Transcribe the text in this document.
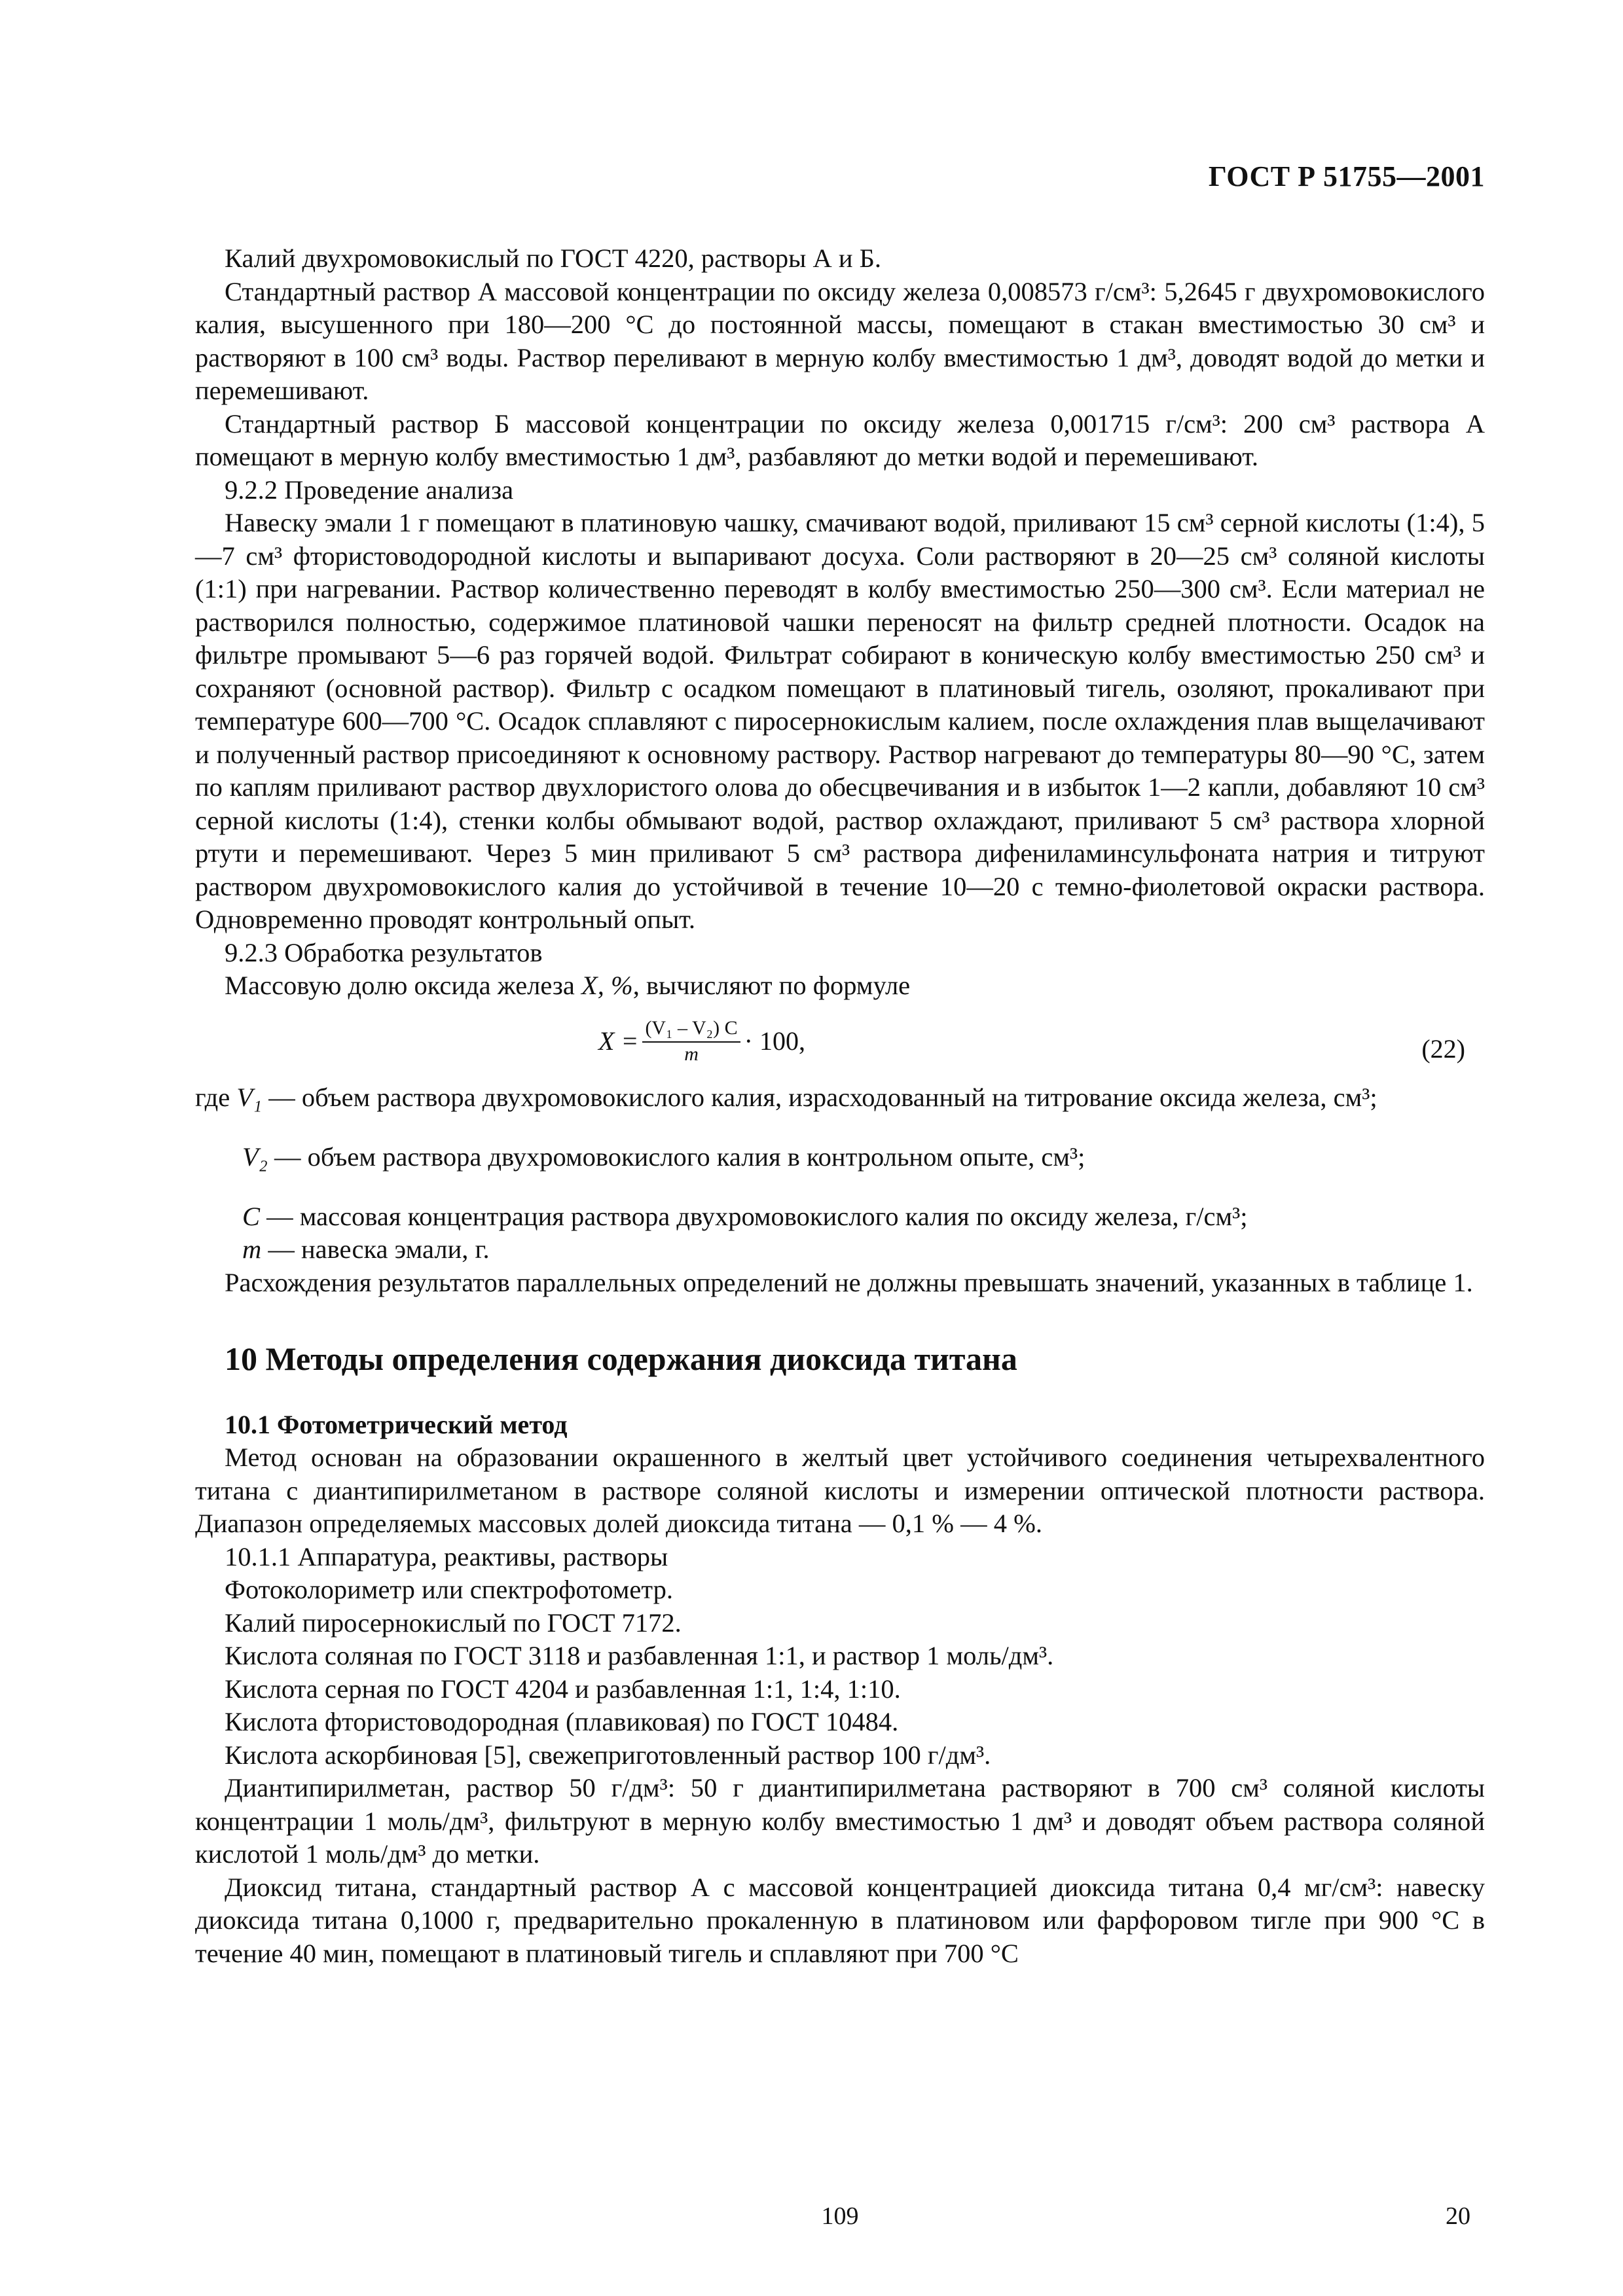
ГОСТ Р 51755—2001

Калий двухромовокислый по ГОСТ 4220, растворы А и Б.

Стандартный раствор А массовой концентрации по оксиду железа 0,008573 г/см³: 5,2645 г двухромовокислого калия, высушенного при 180—200 °С до постоянной массы, помещают в стакан вместимостью 30 см³ и растворяют в 100 см³ воды. Раствор переливают в мерную колбу вместимостью 1 дм³, доводят водой до метки и перемешивают.

Стандартный раствор Б массовой концентрации по оксиду железа 0,001715 г/см³: 200 см³ раствора А помещают в мерную колбу вместимостью 1 дм³, разбавляют до метки водой и перемешивают.

9.2.2 Проведение анализа

Навеску эмали 1 г помещают в платиновую чашку, смачивают водой, приливают 15 см³ серной кислоты (1:4), 5—7 см³ фтористоводородной кислоты и выпаривают досуха. Соли растворяют в 20—25 см³ соляной кислоты (1:1) при нагревании. Раствор количественно переводят в колбу вместимостью 250—300 см³. Если материал не растворился полностью, содержимое платиновой чашки переносят на фильтр средней плотности. Осадок на фильтре промывают 5—6 раз горячей водой. Фильтрат собирают в коническую колбу вместимостью 250 см³ и сохраняют (основной раствор). Фильтр с осадком помещают в платиновый тигель, озоляют, прокаливают при температуре 600—700 °С. Осадок сплавляют с пиросернокислым калием, после охлаждения плав выщелачивают и полученный раствор присоединяют к основному раствору. Раствор нагревают до температуры 80—90 °С, затем по каплям приливают раствор двухлористого олова до обесцвечивания и в избыток 1—2 капли, добавляют 10 см³ серной кислоты (1:4), стенки колбы обмывают водой, раствор охлаждают, приливают 5 см³ раствора хлорной ртути и перемешивают. Через 5 мин приливают 5 см³ раствора дифениламинсульфоната натрия и титруют раствором двухромовокислого калия до устойчивой в течение 10—20 с темно-фиолетовой окраски раствора. Одновременно проводят контрольный опыт.

9.2.3 Обработка результатов

Массовую долю оксида железа X, %, вычисляют по формуле

$X = \frac{\text{(V₁ – V₂) C}}{m} \cdot 100$,	(22)

где V₁ — объем раствора двухромовокислого калия, израсходованный на титрование оксида железа, см³;

V₂ — объем раствора двухромовокислого калия в контрольном опыте, см³;

C — массовая концентрация раствора двухромовокислого калия по оксиду железа, г/см³;

m — навеска эмали, г.

Расхождения результатов параллельных определений не должны превышать значений, указанных в таблице 1.

10 Методы определения содержания диоксида титана

10.1 Фотометрический метод

Метод основан на образовании окрашенного в желтый цвет устойчивого соединения четырехвалентного титана с диантипирилметаном в растворе соляной кислоты и измерении оптической плотности раствора. Диапазон определяемых массовых долей диоксида титана — 0,1 % — 4 %.

10.1.1 Аппаратура, реактивы, растворы

Фотоколориметр или спектрофотометр.

Калий пиросернокислый по ГОСТ 7172.

Кислота соляная по ГОСТ 3118 и разбавленная 1:1, и раствор 1 моль/дм³.

Кислота серная по ГОСТ 4204 и разбавленная 1:1, 1:4, 1:10.

Кислота фтористоводородная (плавиковая) по ГОСТ 10484.

Кислота аскорбиновая [5], свежеприготовленный раствор 100 г/дм³.

Диантипирилметан, раствор 50 г/дм³: 50 г диантипирилметана растворяют в 700 см³ соляной кислоты концентрации 1 моль/дм³, фильтруют в мерную колбу вместимостью 1 дм³ и доводят объем раствора соляной кислотой 1 моль/дм³ до метки.

Диоксид титана, стандартный раствор А с массовой концентрацией диоксида титана 0,4 мг/см³: навеску диоксида титана 0,1000 г, предварительно прокаленную в платиновом или фарфоровом тигле при 900 °С в течение 40 мин, помещают в платиновый тигель и сплавляют при 700 °С

109	20
